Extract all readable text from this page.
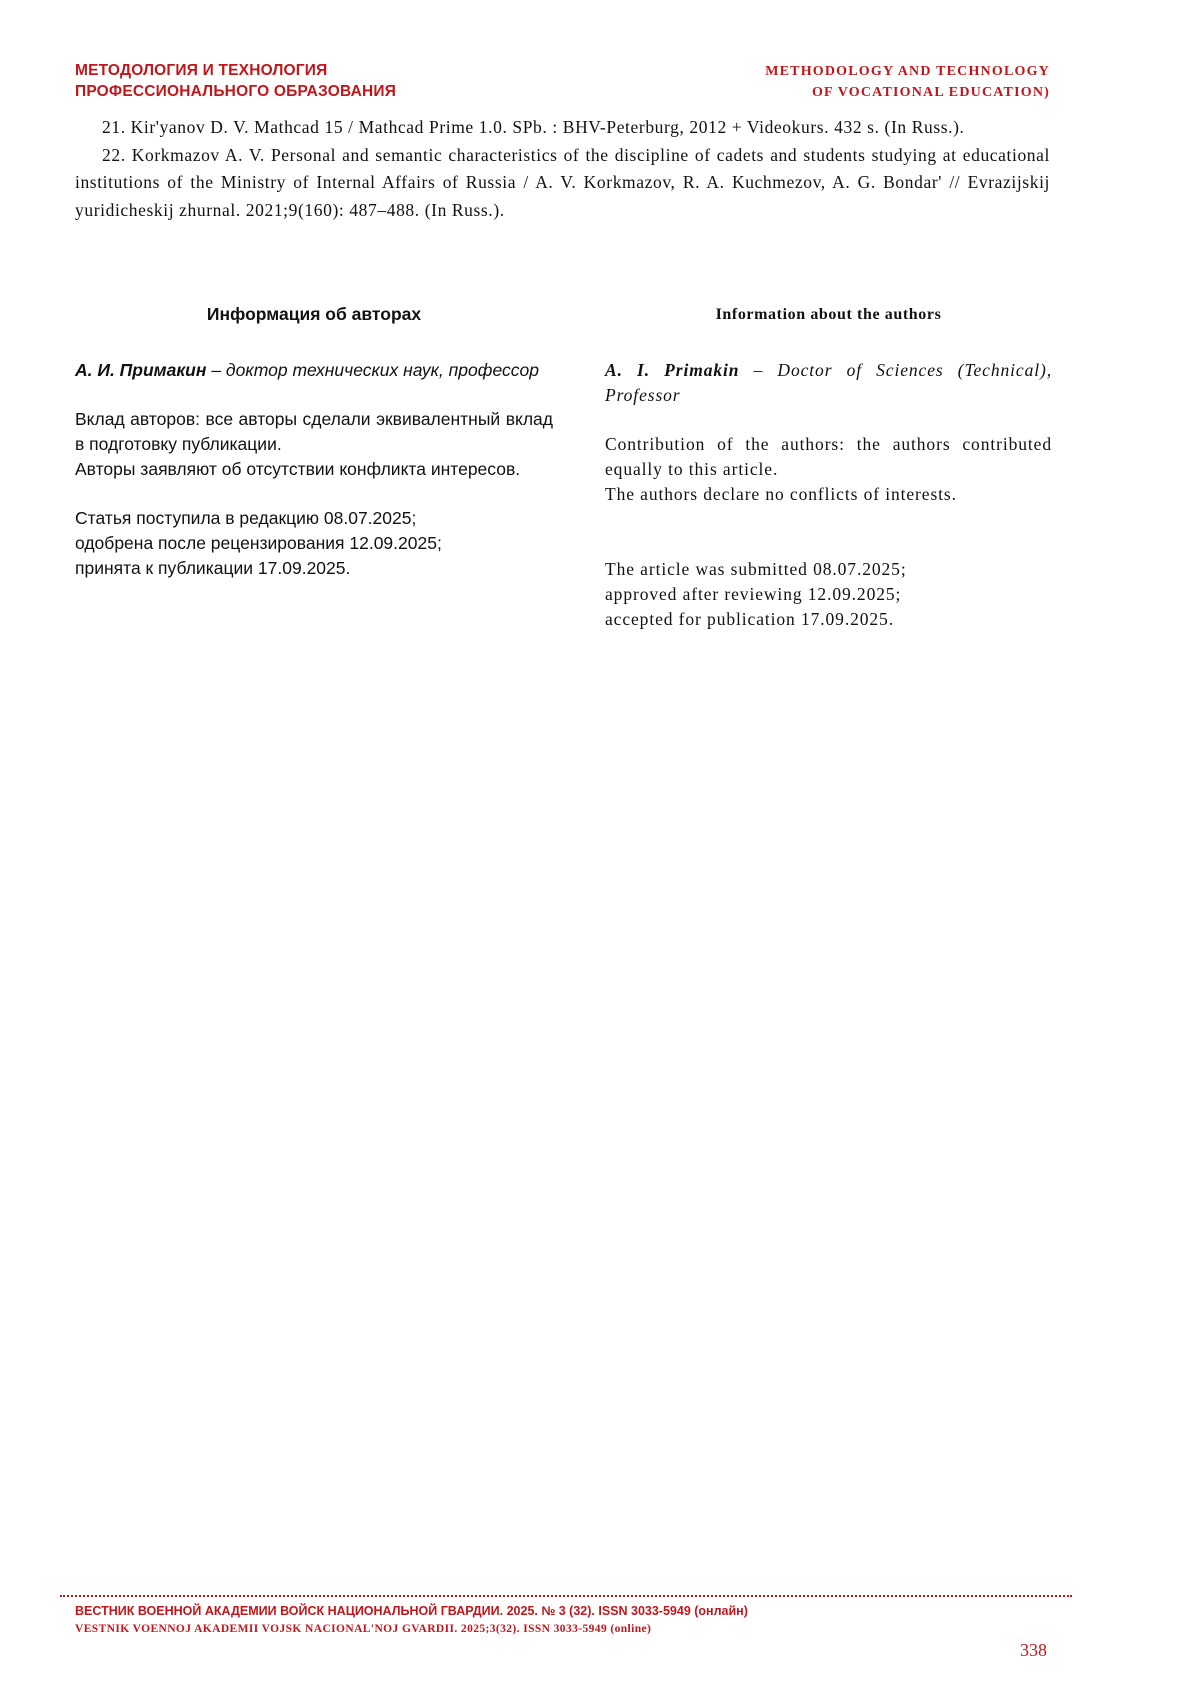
МЕТОДОЛОГИЯ И ТЕХНОЛОГИЯ
ПРОФЕССИОНАЛЬНОГО ОБРАЗОВАНИЯ
METHODOLOGY AND TECHNOLOGY
OF VOCATIONAL EDUCATION)

21. Kir'yanov D. V. Mathcad 15 / Mathcad Prime 1.0. SPb. : BHV-Peterburg, 2012 + Videokurs. 432 s. (In Russ.).

22. Korkmazov A. V. Personal and semantic characteristics of the discipline of cadets and students studying at educational institutions of the Ministry of Internal Affairs of Russia / A. V. Korkmazov, R. A. Kuchmezov, A. G. Bondar' // Evrazijskij yuridicheskij zhurnal. 2021;9(160): 487–488. (In Russ.).

Информация об авторах

А. И. Примакин – доктор технических наук, профессор

Вклад авторов: все авторы сделали эквивалентный вклад в подготовку публикации.

Авторы заявляют об отсутствии конфликта интересов.

Статья поступила в редакцию 08.07.2025;

одобрена после рецензирования 12.09.2025;

принята к публикации 17.09.2025.

Information about the authors

A. I. Primakin – Doctor of Sciences (Technical), Professor

Contribution of the authors: the authors contributed equally to this article.

The authors declare no conflicts of interests.

The article was submitted 08.07.2025;

approved after reviewing 12.09.2025;

accepted for publication 17.09.2025.

ВЕСТНИК ВОЕННОЙ АКАДЕМИИ ВОЙСК НАЦИОНАЛЬНОЙ ГВАРДИИ. 2025. № 3 (32). ISSN 3033-5949 (онлайн)
VESTNIK VOENNOJ AKADEMII VOJSK NACIONAL'NOJ GVARDII. 2025;3(32). ISSN 3033-5949 (online)
338
